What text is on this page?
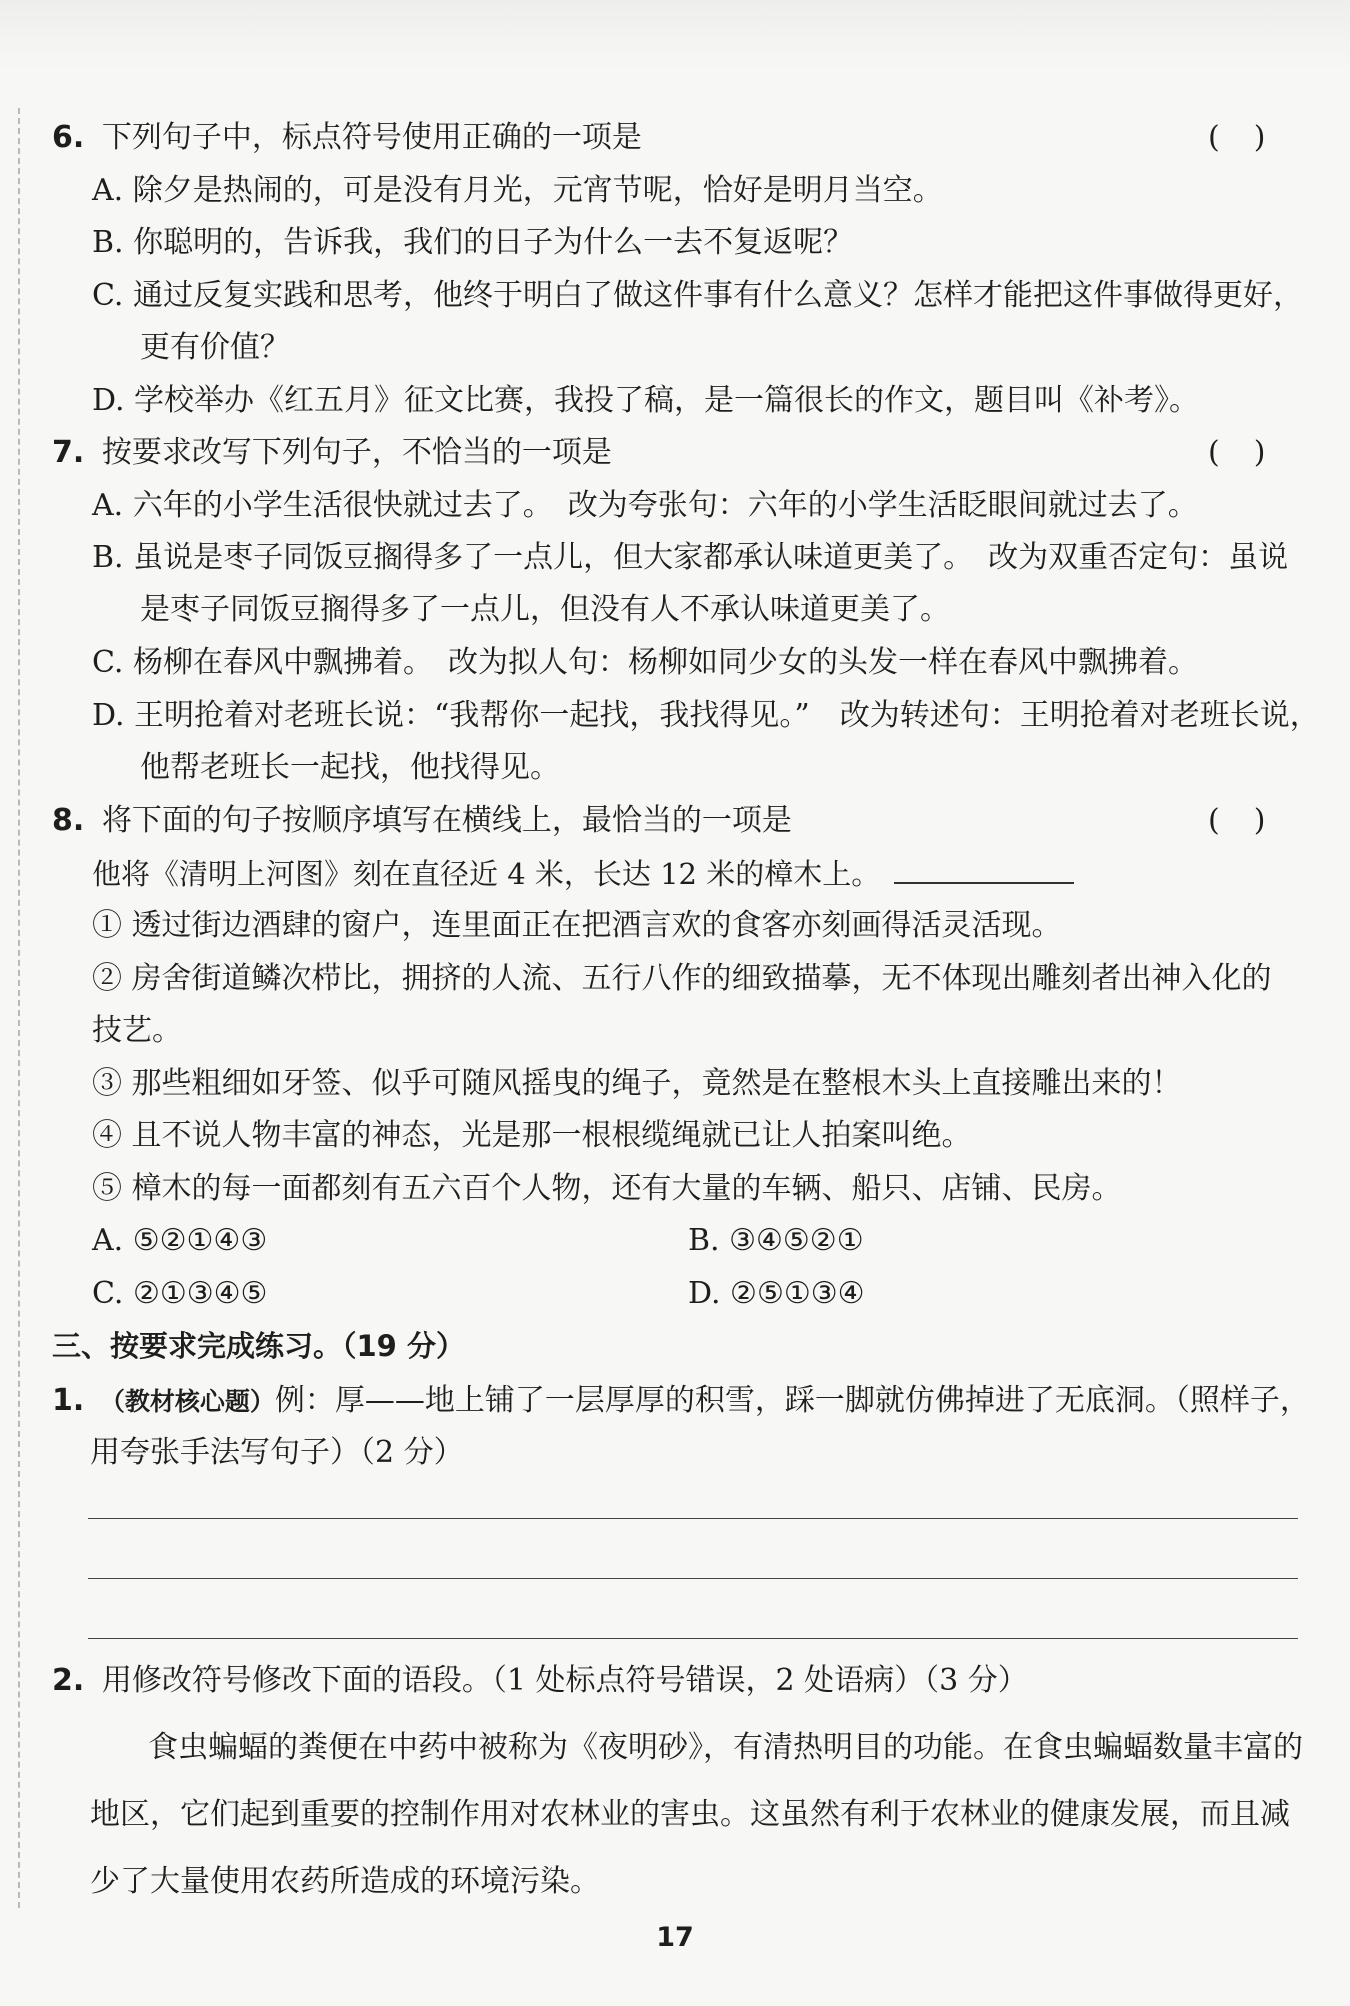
6. 下列句子中，标点符号使用正确的一项是	()
A. 除夕是热闹的，可是没有月光，元宵节呢，恰好是明月当空。
B. 你聪明的，告诉我，我们的日子为什么一去不复返呢？
C. 通过反复实践和思考，他终于明白了做这件事有什么意义？怎样才能把这件事做得更好，
更有价值？
D. 学校举办《红五月》征文比赛，我投了稿，是一篇很长的作文，题目叫《补考》。
7. 按要求改写下列句子，不恰当的一项是	()
A. 六年的小学生活很快就过去了。　改为夸张句：六年的小学生活眨眼间就过去了。
B. 虽说是枣子同饭豆搁得多了一点儿，但大家都承认味道更美了。　改为双重否定句：虽说
是枣子同饭豆搁得多了一点儿，但没有人不承认味道更美了。
C. 杨柳在春风中飘拂着。　改为拟人句：杨柳如同少女的头发一样在春风中飘拂着。
D. 王明抢着对老班长说：“我帮你一起找，我找得见。”　改为转述句：王明抢着对老班长说，
他帮老班长一起找，他找得见。
8. 将下面的句子按顺序填写在横线上，最恰当的一项是	()
他将《清明上河图》刻在直径近 4 米，长达 12 米的樟木上。
① 透过街边酒肆的窗户，连里面正在把酒言欢的食客亦刻画得活灵活现。
② 房舍街道鳞次栉比，拥挤的人流、五行八作的细致描摹，无不体现出雕刻者出神入化的
技艺。
③ 那些粗细如牙签、似乎可随风摇曳的绳子，竟然是在整根木头上直接雕出来的！
④ 且不说人物丰富的神态，光是那一根根缆绳就已让人拍案叫绝。
⑤ 樟木的每一面都刻有五六百个人物，还有大量的车辆、船只、店铺、民房。
A. ⑤②①④③	B. ③④⑤②①
C. ②①③④⑤	D. ②⑤①③④
三、按要求完成练习。（19 分）
1. （教材核心题）例：厚——地上铺了一层厚厚的积雪，踩一脚就仿佛掉进了无底洞。（照样子，
用夸张手法写句子）（2 分）
2. 用修改符号修改下面的语段。（1 处标点符号错误，2 处语病）（3 分）
食虫蝙蝠的粪便在中药中被称为《夜明砂》，有清热明目的功能。在食虫蝙蝠数量丰富的
地区，它们起到重要的控制作用对农林业的害虫。这虽然有利于农林业的健康发展，而且减
少了大量使用农药所造成的环境污染。
17
